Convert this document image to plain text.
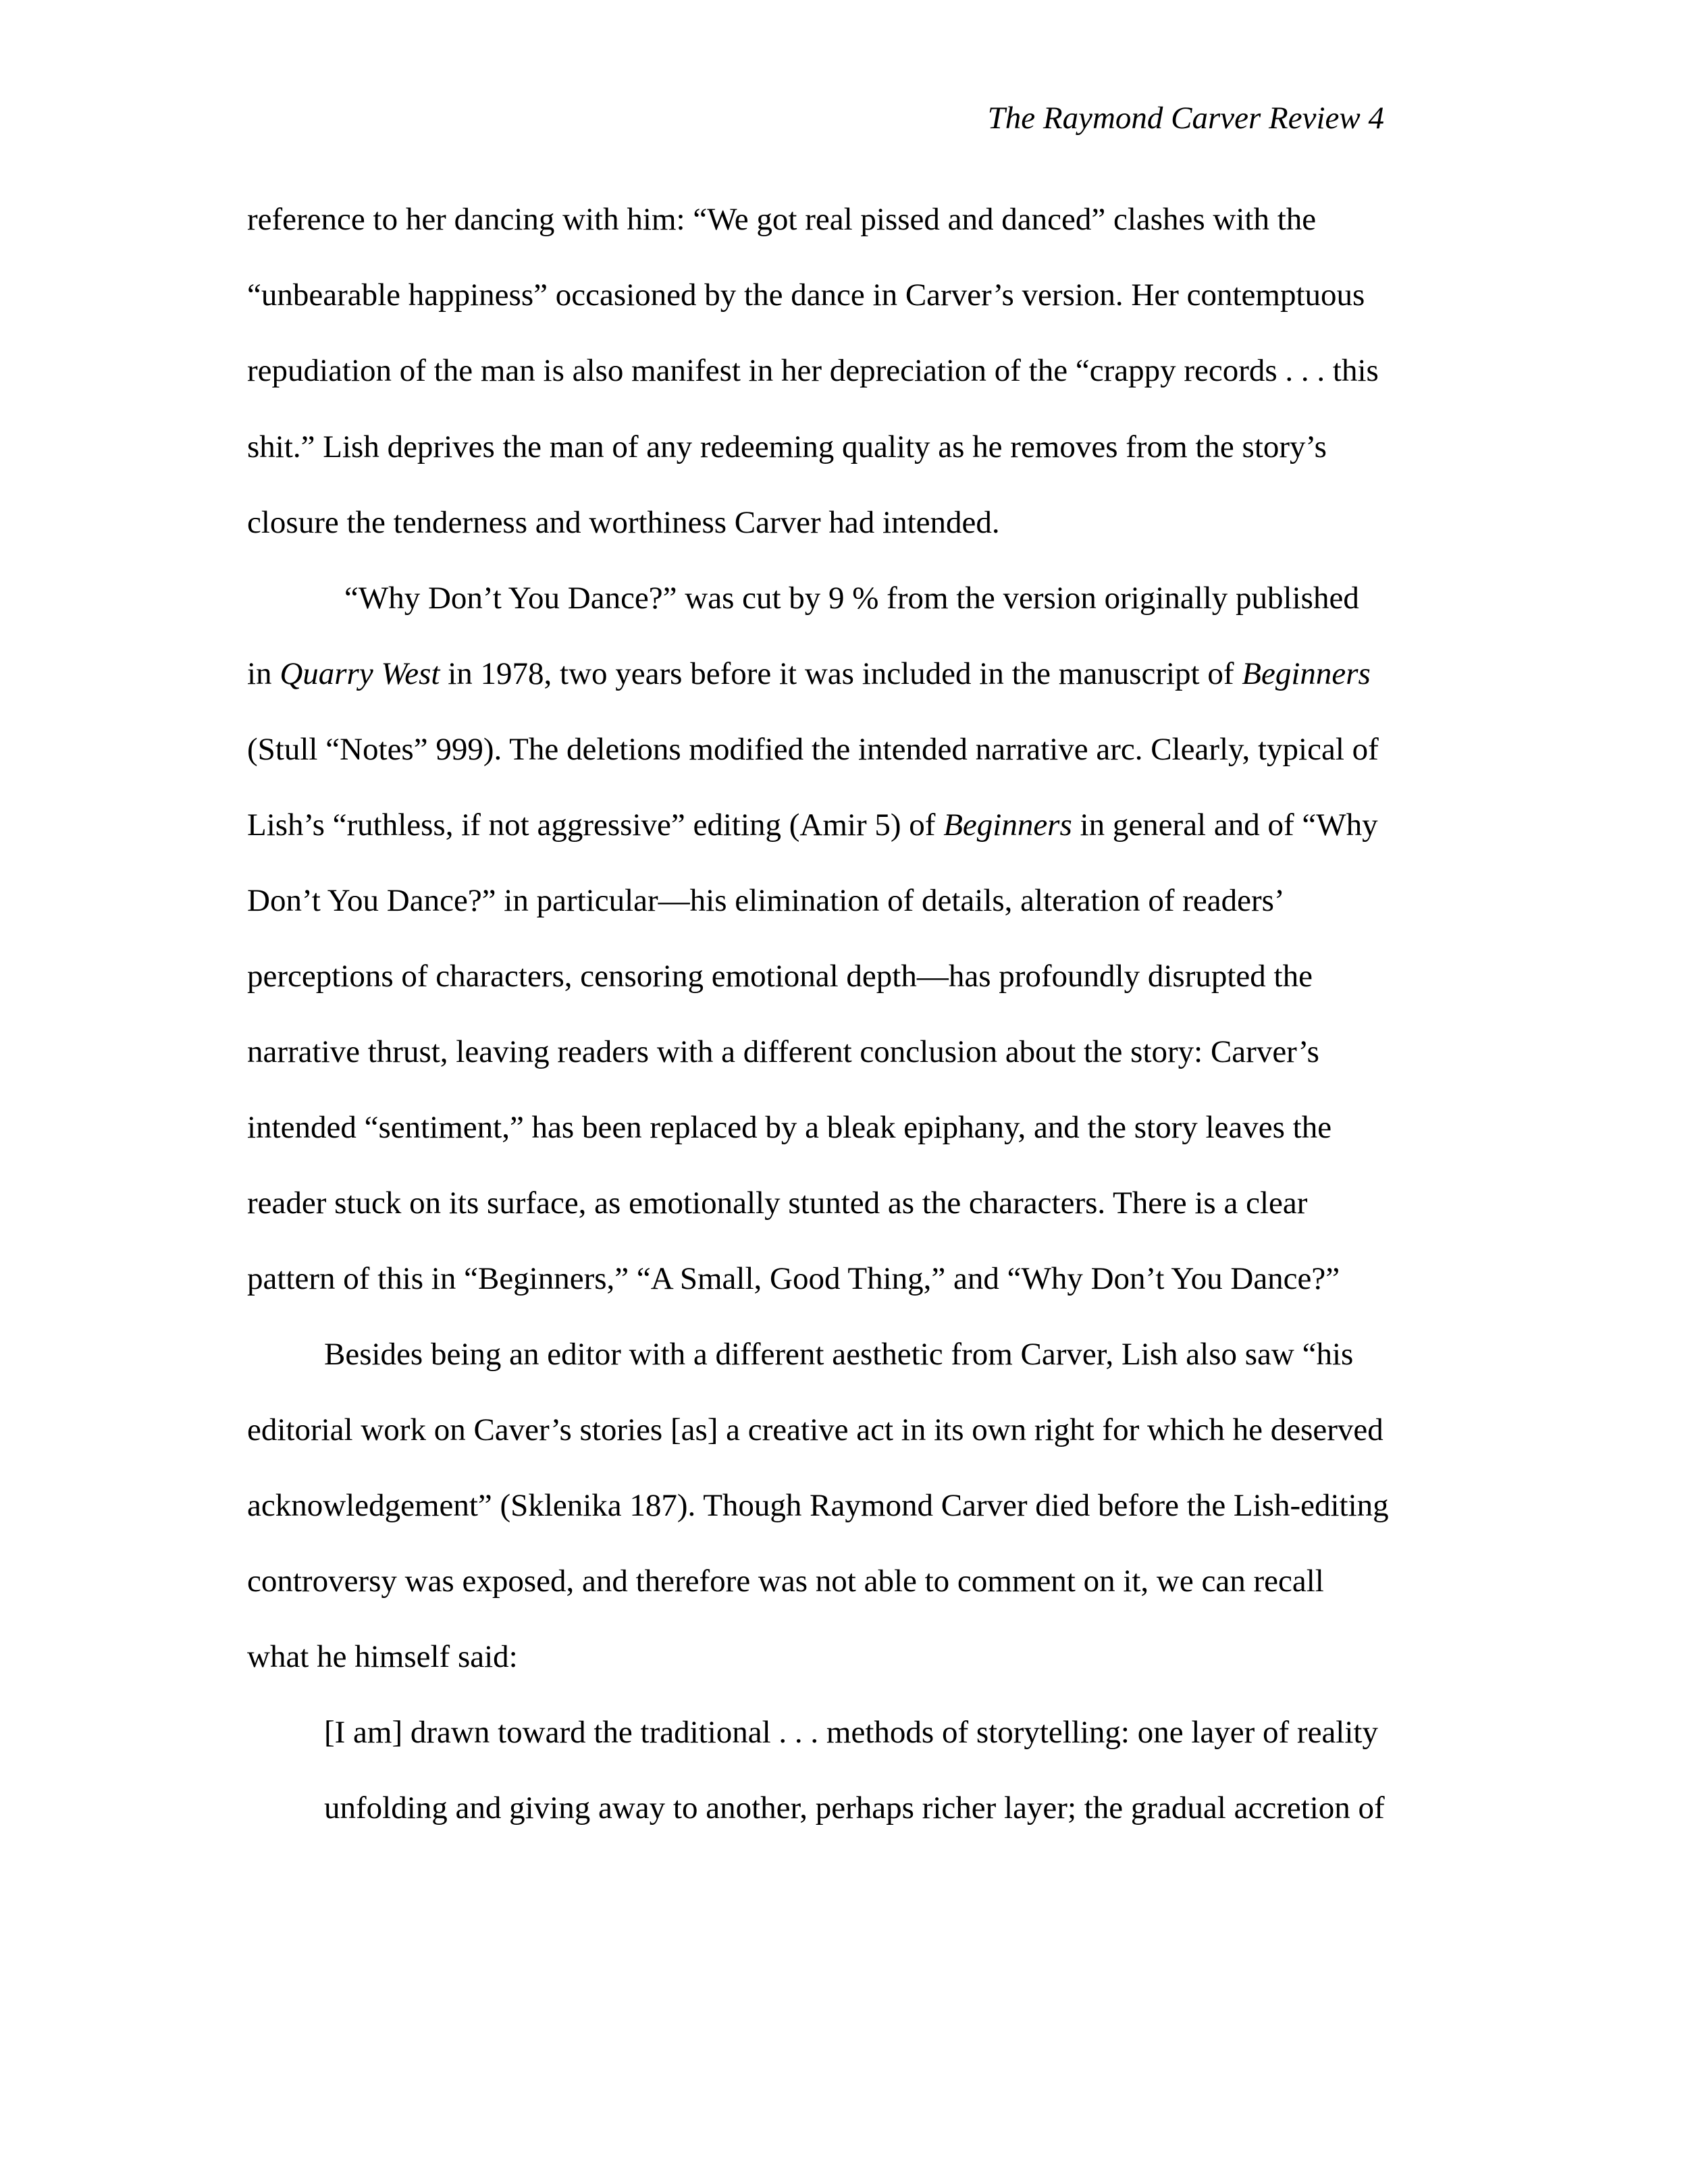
The Raymond Carver Review 4
reference to her dancing with him: “We got real pissed and danced” clashes with the
“unbearable happiness” occasioned by the dance in Carver’s version. Her contemptuous
repudiation of the man is also manifest in her depreciation of the “crappy records . . . this
shit.” Lish deprives the man of any redeeming quality as he removes from the story’s
closure the tenderness and worthiness Carver had intended.
“Why Don’t You Dance?” was cut by 9 % from the version originally published
in Quarry West in 1978, two years before it was included in the manuscript of Beginners
(Stull “Notes” 999). The deletions modified the intended narrative arc. Clearly, typical of
Lish’s “ruthless, if not aggressive” editing (Amir 5) of Beginners in general and of “Why
Don’t You Dance?” in particular—his elimination of details, alteration of readers’
perceptions of characters, censoring emotional depth—has profoundly disrupted the
narrative thrust, leaving readers with a different conclusion about the story: Carver’s
intended “sentiment,” has been replaced by a bleak epiphany, and the story leaves the
reader stuck on its surface, as emotionally stunted as the characters. There is a clear
pattern of this in “Beginners,” “A Small, Good Thing,” and “Why Don’t You Dance?”
Besides being an editor with a different aesthetic from Carver, Lish also saw “his
editorial work on Caver’s stories [as] a creative act in its own right for which he deserved
acknowledgement” (Sklenika 187). Though Raymond Carver died before the Lish-editing
controversy was exposed, and therefore was not able to comment on it, we can recall
what he himself said:
[I am] drawn toward the traditional . . . methods of storytelling: one layer of reality
unfolding and giving away to another, perhaps richer layer; the gradual accretion of
